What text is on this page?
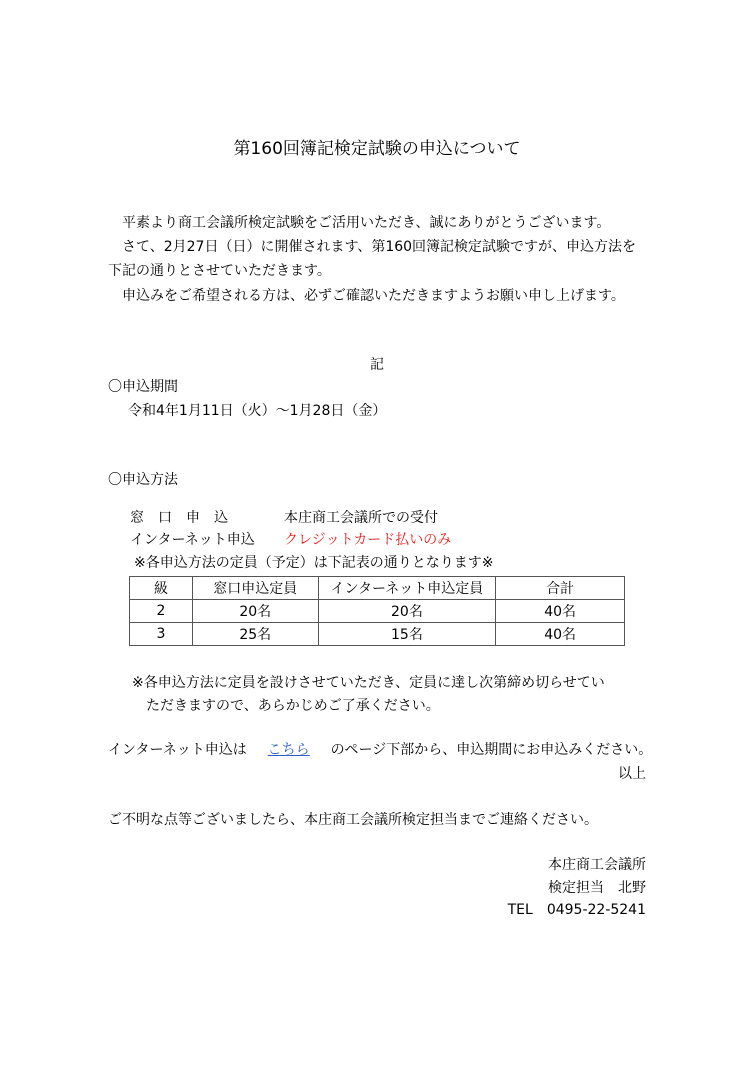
第160回簿記検定試験の申込について
平素より商工会議所検定試験をご活用いただき、誠にありがとうございます。
さて、2月27日（日）に開催されます、第160回簿記検定試験ですが、申込方法を
下記の通りとさせていただきます。
申込みをご希望される方は、必ずご確認いただきますようお願い申し上げます。
記
〇申込期間
令和4年1月11日（火）～1月28日（金）
〇申込方法
窓　口　申　込	本庄商工会議所での受付
インターネット申込 クレジットカード払いのみ
※各申込方法の定員（予定）は下記表の通りとなります※
級	窓口申込定員	インターネット申込定員	合計
2	20名	20名	40名
3	25名	15名	40名
※各申込方法に定員を設けさせていただき、定員に達し次第締め切らせてい
ただきますので、あらかじめご了承ください。
インターネット申込は こちら のページ下部から、申込期間にお申込みください。
以上
ご不明な点等ございましたら、本庄商工会議所検定担当までご連絡ください。
本庄商工会議所
検定担当　北野
TEL　0495-22-5241
